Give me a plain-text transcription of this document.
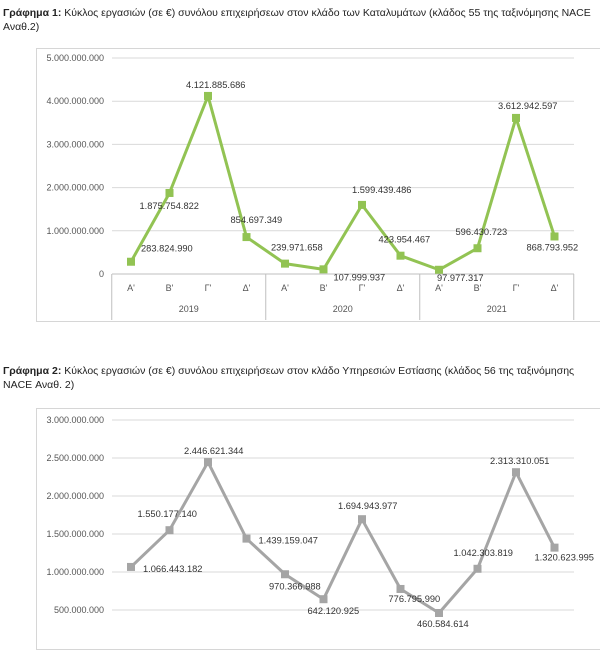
Γράφημα 1: Κύκλος εργασιών (σε €) συνόλου επιχειρήσεων στον κλάδο των Καταλυμάτων (κλάδος 55 της ταξινόμησης NACE
Αναθ.2)
Γράφημα 2: Κύκλος εργασιών (σε €) συνόλου επιχειρήσεων στον κλάδο Υπηρεσιών Εστίασης (κλάδος 56 της ταξινόμησης
NACE Αναθ. 2)
0
1.000.000.000
2.000.000.000
3.000.000.000
4.000.000.000
5.000.000.000
Α'	Β'	Γ'	Δ'	Α'	Β'	Γ'	Δ'	Α'	Β'	Γ'	Δ'
2019	2020	2021
283.824.990
1.875.754.822
4.121.885.686
854.697.349
239.971.658
107.999.937
1.599.439.486
423.954.467
97.977.317
596.430.723
3.612.942.597
868.793.952
500.000.000
1.000.000.000
1.500.000.000
2.000.000.000
2.500.000.000
3.000.000.000
1.066.443.182
1.550.177.140
2.446.621.344
1.439.159.047
970.366.988
642.120.925
1.694.943.977
776.795.990
460.584.614
1.042.303.819
2.313.310.051
1.320.623.995
